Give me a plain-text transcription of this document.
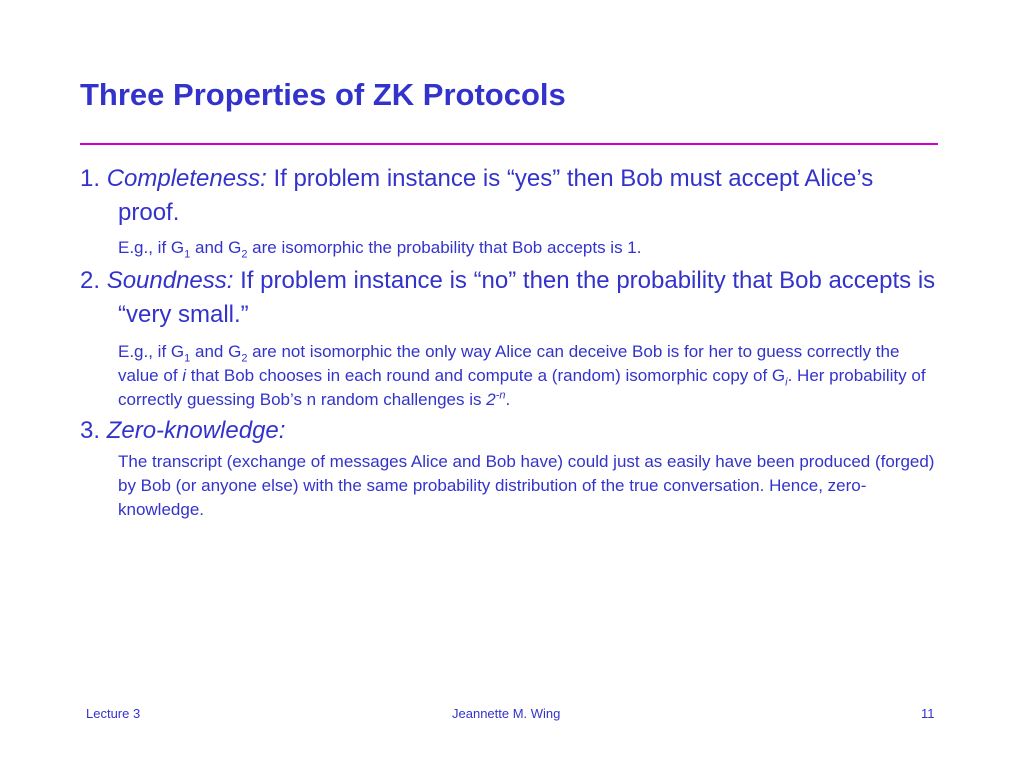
Three Properties of ZK Protocols
1. Completeness: If problem instance is “yes” then Bob must accept Alice’s proof.
E.g., if $G_1$ and $G_2$ are isomorphic the probability that Bob accepts is 1.
2. Soundness: If problem instance is “no” then the probability that Bob accepts is “very small.”
E.g., if $G_1$ and $G_2$ are not isomorphic the only way Alice can deceive Bob is for her to guess correctly the value of i that Bob chooses in each round and compute a (random) isomorphic copy of $G_i$. Her probability of correctly guessing Bob’s n random challenges is $2^{-n}$.
3. Zero-knowledge:
The transcript (exchange of messages Alice and Bob have) could just as easily have been produced (forged) by Bob (or anyone else) with the same probability distribution of the true conversation. Hence, zero-knowledge.
Lecture 3	Jeannette M. Wing	11
